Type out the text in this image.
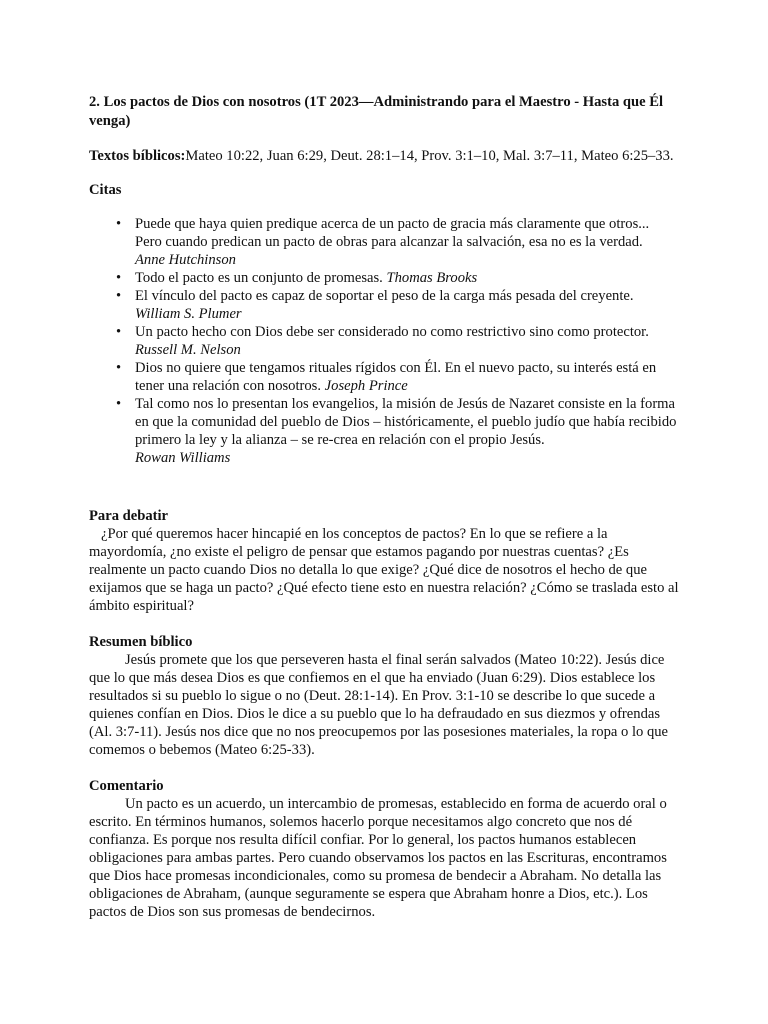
2. Los pactos de Dios con nosotros (1T 2023—Administrando para el Maestro - Hasta que Él venga)

Textos bíblicos:Mateo 10:22, Juan 6:29, Deut. 28:1–14, Prov. 3:1–10, Mal. 3:7–11, Mateo 6:25–33.

Citas
• Puede que haya quien predique acerca de un pacto de gracia más claramente que otros... Pero cuando predican un pacto de obras para alcanzar la salvación, esa no es la verdad.
Anne Hutchinson
• Todo el pacto es un conjunto de promesas. Thomas Brooks
• El vínculo del pacto es capaz de soportar el peso de la carga más pesada del creyente.
William S. Plumer
• Un pacto hecho con Dios debe ser considerado no como restrictivo sino como protector.
Russell M. Nelson
• Dios no quiere que tengamos rituales rígidos con Él. En el nuevo pacto, su interés está en tener una relación con nosotros. Joseph Prince
• Tal como nos lo presentan los evangelios, la misión de Jesús de Nazaret consiste en la forma en que la comunidad del pueblo de Dios – históricamente, el pueblo judío que había recibido primero la ley y la alianza – se re-crea en relación con el propio Jesús.
Rowan Williams
Para debatir

¿Por qué queremos hacer hincapié en los conceptos de pactos? En lo que se refiere a la mayordomía, ¿no existe el peligro de pensar que estamos pagando por nuestras cuentas? ¿Es realmente un pacto cuando Dios no detalla lo que exige? ¿Qué dice de nosotros el hecho de que exijamos que se haga un pacto? ¿Qué efecto tiene esto en nuestra relación? ¿Cómo se traslada esto al ámbito espiritual?

Resumen bíblico

Jesús promete que los que perseveren hasta el final serán salvados (Mateo 10:22). Jesús dice que lo que más desea Dios es que confiemos en el que ha enviado (Juan 6:29). Dios establece los resultados si su pueblo lo sigue o no (Deut. 28:1-14). En Prov. 3:1-10 se describe lo que sucede a quienes confían en Dios. Dios le dice a su pueblo que lo ha defraudado en sus diezmos y ofrendas (Al. 3:7-11). Jesús nos dice que no nos preocupemos por las posesiones materiales, la ropa o lo que comemos o bebemos (Mateo 6:25-33).

Comentario

Un pacto es un acuerdo, un intercambio de promesas, establecido en forma de acuerdo oral o escrito. En términos humanos, solemos hacerlo porque necesitamos algo concreto que nos dé confianza. Es porque nos resulta difícil confiar. Por lo general, los pactos humanos establecen obligaciones para ambas partes. Pero cuando observamos los pactos en las Escrituras, encontramos que Dios hace promesas incondicionales, como su promesa de bendecir a Abraham. No detalla las obligaciones de Abraham, (aunque seguramente se espera que Abraham honre a Dios, etc.). Los pactos de Dios son sus promesas de bendecirnos.
